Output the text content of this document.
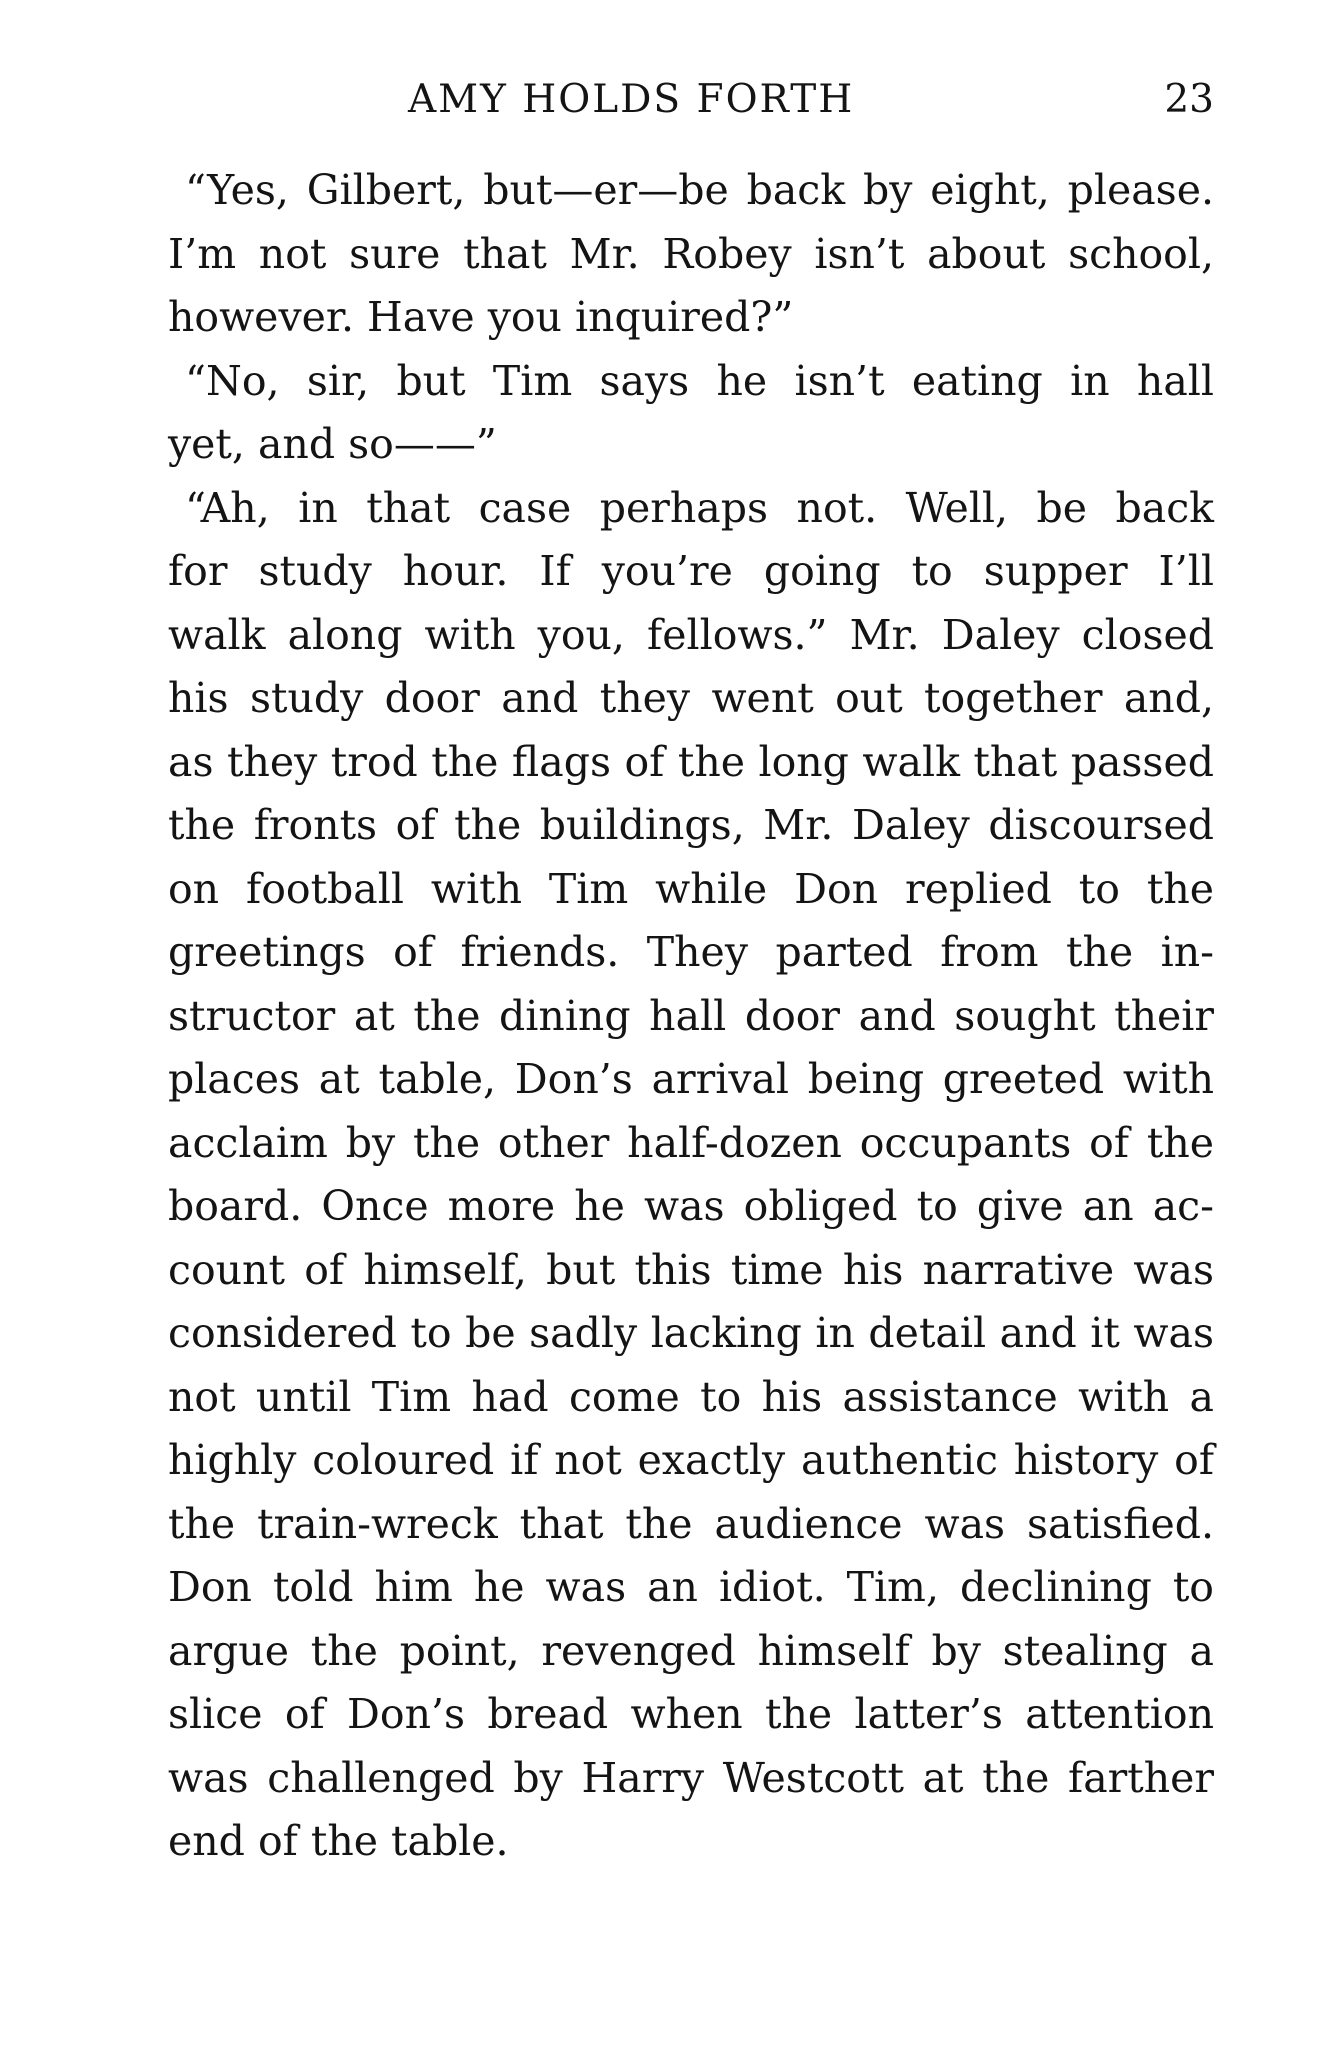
AMY HOLDS FORTH	23
“Yes, Gilbert, but—er—be back by eight, please.
I’m not sure that Mr. Robey isn’t about school,
however. Have you inquired?”
“No, sir, but Tim says he isn’t eating in hall
yet, and so——”
“Ah, in that case perhaps not. Well, be back
for study hour. If you’re going to supper I’ll
walk along with you, fellows.” Mr. Daley closed
his study door and they went out together and,
as they trod the flags of the long walk that passed
the fronts of the buildings, Mr. Daley discoursed
on football with Tim while Don replied to the
greetings of friends. They parted from the in-
structor at the dining hall door and sought their
places at table, Don’s arrival being greeted with
acclaim by the other half-dozen occupants of the
board. Once more he was obliged to give an ac-
count of himself, but this time his narrative was
considered to be sadly lacking in detail and it was
not until Tim had come to his assistance with a
highly coloured if not exactly authentic history of
the train-wreck that the audience was satisfied.
Don told him he was an idiot. Tim, declining to
argue the point, revenged himself by stealing a
slice of Don’s bread when the latter’s attention
was challenged by Harry Westcott at the farther
end of the table.
